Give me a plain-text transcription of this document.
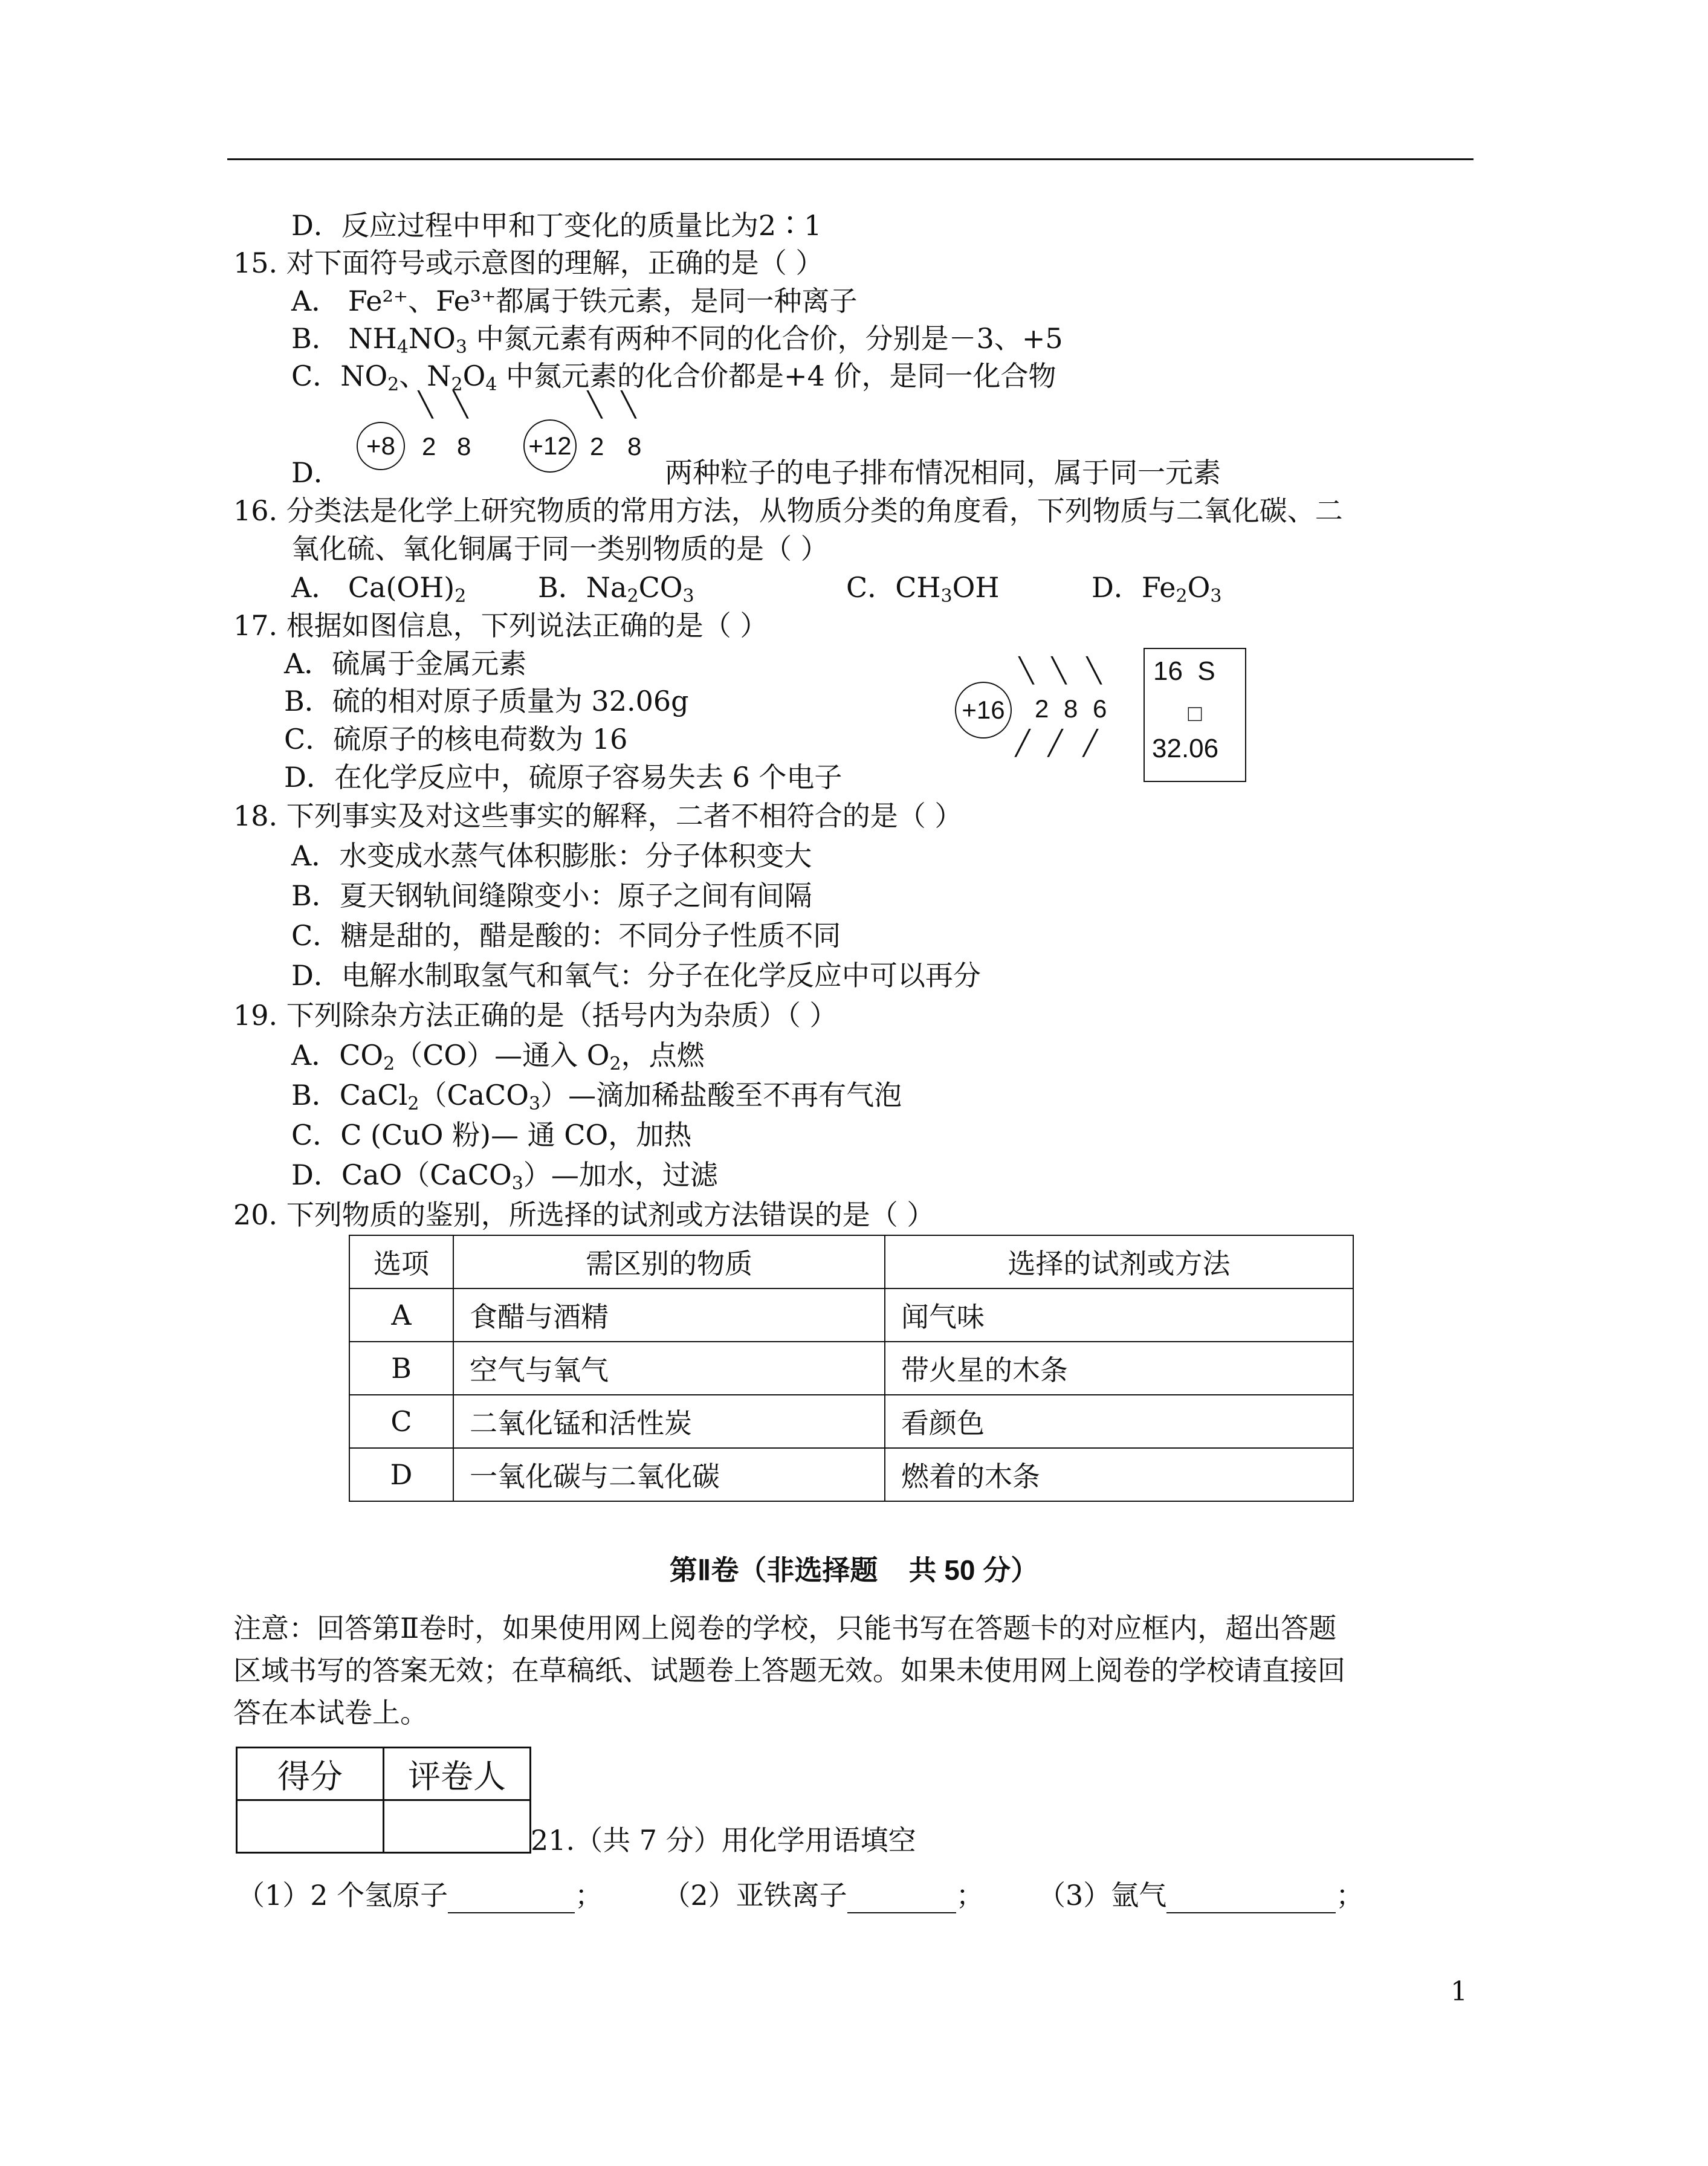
D．反应过程中甲和丁变化的质量比为2∶1
15. 对下面符号或示意图的理解，正确的是（ ）
A． Fe²⁺、Fe³⁺都属于铁元素，是同一种离子
B． $NH_4NO_3$ 中氮元素有两种不同的化合价，分别是－3、+5
C．$NO_2$、$N_2O_4$ 中氮元素的化合价都是+4 价，是同一化合物
D．
+8
╲ ╲
2 8 +12
╲ ╲
2 8
两种粒子的电子排布情况相同，属于同一元素
16. 分类法是化学上研究物质的常用方法，从物质分类的角度看，下列物质与二氧化碳、二
氧化硫、氧化铜属于同一类别物质的是（ ）
A． $Ca(OH)_2$	B．$Na_2CO_3$	C．$CH_3OH$	D．$Fe_2O_3$
17. 根据如图信息，下列说法正确的是（ ）
A．硫属于金属元素
B．硫的相对原子质量为 32.06g
C．硫原子的核电荷数为 16
D．在化学反应中，硫原子容易失去 6 个电子
+16
╲ ╲ ╲
2 8 6
╱ ╱ ╱
16  S
□
32.06
18. 下列事实及对这些事实的解释，二者不相符合的是（ ）
A．水变成水蒸气体积膨胀：分子体积变大
B．夏天钢轨间缝隙变小：原子之间有间隔
C．糖是甜的，醋是酸的：不同分子性质不同
D．电解水制取氢气和氧气：分子在化学反应中可以再分
19. 下列除杂方法正确的是（括号内为杂质）（ ）
A．$CO_2(CO)—$通入 $O_2$，点燃
B．CaCl$_2$（CaCO$_3$）—滴加稀盐酸至不再有气泡
C．C (CuO 粉)— 通 CO，加热
D．CaO（CaCO$_3$）—加水，过滤
20. 下列物质的鉴别，所选择的试剂或方法错误的是（ ）
选项	需区别的物质	选择的试剂或方法
A	食醋与酒精	闻气味
B	空气与氧气	带火星的木条
C	二氧化锰和活性炭	看颜色
D	一氧化碳与二氧化碳	燃着的木条
第Ⅱ卷（非选择题    共 50 分）
注意：回答第Ⅱ卷时，如果使用网上阅卷的学校，只能书写在答题卡的对应框内，超出答题
区域书写的答案无效；在草稿纸、试题卷上答题无效。如果未使用网上阅卷的学校请直接回
答在本试卷上。
得分	评卷人

21.（共 7 分）用化学用语填空
（1）2 个氢原子	； （2）亚铁离子	； （3）氩气	；
1
